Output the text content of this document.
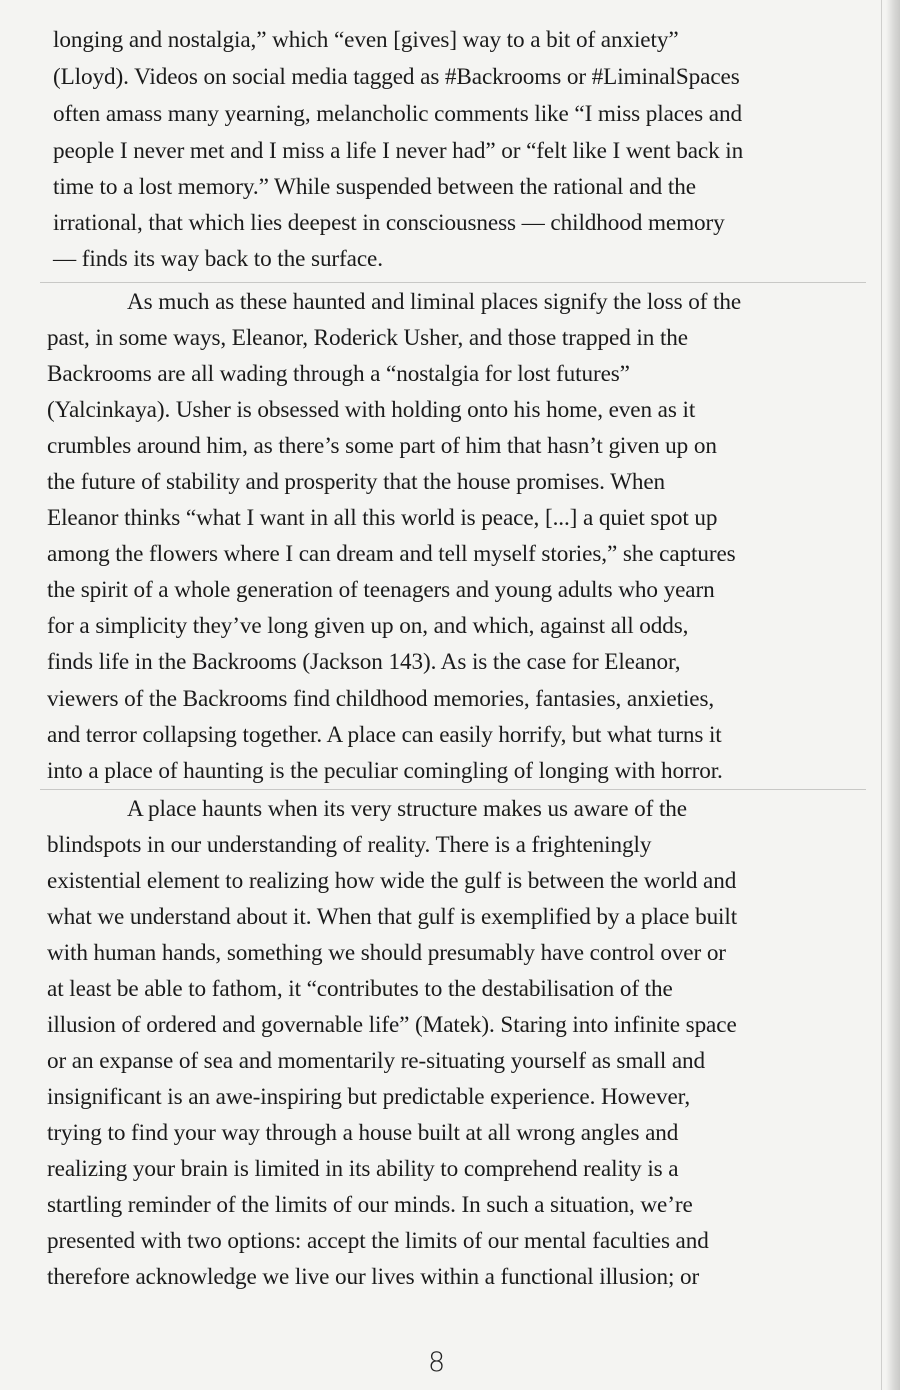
longing and nostalgia,” which “even [gives] way to a bit of anxiety”
(Lloyd). Videos on social media tagged as #Backrooms or #LiminalSpaces
often amass many yearning, melancholic comments like “I miss places and
people I never met and I miss a life I never had” or “felt like I went back in
time to a lost memory.” While suspended between the rational and the
irrational, that which lies deepest in consciousness — childhood memory
— finds its way back to the surface.
As much as these haunted and liminal places signify the loss of the
past, in some ways, Eleanor, Roderick Usher, and those trapped in the
Backrooms are all wading through a “nostalgia for lost futures”
(Yalcinkaya). Usher is obsessed with holding onto his home, even as it
crumbles around him, as there’s some part of him that hasn’t given up on
the future of stability and prosperity that the house promises. When
Eleanor thinks “what I want in all this world is peace, [...] a quiet spot up
among the flowers where I can dream and tell myself stories,” she captures
the spirit of a whole generation of teenagers and young adults who yearn
for a simplicity they’ve long given up on, and which, against all odds,
finds life in the Backrooms (Jackson 143). As is the case for Eleanor,
viewers of the Backrooms find childhood memories, fantasies, anxieties,
and terror collapsing together. A place can easily horrify, but what turns it
into a place of haunting is the peculiar comingling of longing with horror.
A place haunts when its very structure makes us aware of the
blindspots in our understanding of reality. There is a frighteningly
existential element to realizing how wide the gulf is between the world and
what we understand about it. When that gulf is exemplified by a place built
with human hands, something we should presumably have control over or
at least be able to fathom, it “contributes to the destabilisation of the
illusion of ordered and governable life” (Matek). Staring into infinite space
or an expanse of sea and momentarily re-situating yourself as small and
insignificant is an awe-inspiring but predictable experience. However,
trying to find your way through a house built at all wrong angles and
realizing your brain is limited in its ability to comprehend reality is a
startling reminder of the limits of our minds. In such a situation, we’re
presented with two options: accept the limits of our mental faculties and
therefore acknowledge we live our lives within a functional illusion; or
8
